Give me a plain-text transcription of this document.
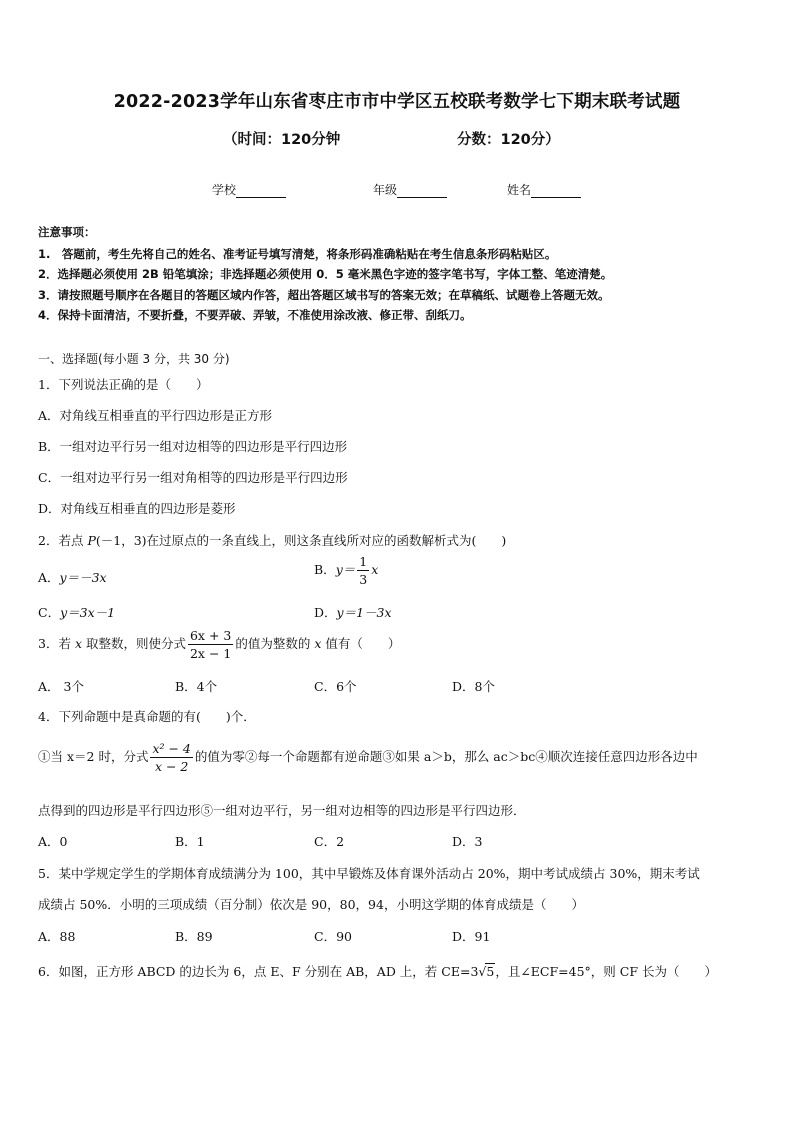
2022-2023学年山东省枣庄市市中学区五校联考数学七下期末联考试题
（时间：120分钟	分数：120分）
学校	年级	姓名
注意事项：
1.　答题前，考生先将自己的姓名、准考证号填写清楚，将条形码准确粘贴在考生信息条形码粘贴区。
2．选择题必须使用 2B 铅笔填涂；非选择题必须使用 0．5 毫米黑色字迹的签字笔书写，字体工整、笔迹清楚。
3．请按照题号顺序在各题目的答题区域内作答，超出答题区域书写的答案无效；在草稿纸、试题卷上答题无效。
4．保持卡面清洁，不要折叠，不要弄破、弄皱，不准使用涂改液、修正带、刮纸刀。
一、选择题(每小题 3 分，共 30 分)
1．下列说法正确的是（　　）
A．对角线互相垂直的平行四边形是正方形
B．一组对边平行另一组对边相等的四边形是平行四边形
C．一组对边平行另一组对角相等的四边形是平行四边形
D．对角线互相垂直的四边形是菱形
2．若点 P(－1，3)在过原点的一条直线上，则这条直线所对应的函数解析式为(　　)
A．y＝－3x
B．$y= \frac{1}{3}$ x
C．y＝3x－1	D．y＝1－3x
3．若 x 取整数，则使分式 $\frac{6x + 3}{2x - 1}$ 的值为整数的 x 值有（　　）
A． 3个	B．4个	C．6个	D．8个
4．下列命题中是真命题的有(　　)个．
①当 x＝2 时，分式 $\frac{\text{x² − 4}}{x - 2}$ 的值为零②每一个命题都有逆命题③如果 a＞b，那么 ac＞bc④顺次连接任意四边形各边中
点得到的四边形是平行四边形⑤一组对边平行，另一组对边相等的四边形是平行四边形．
A．0	B．1	C．2	D．3
5．某中学规定学生的学期体育成绩满分为 100，其中早锻炼及体育课外活动占 20%，期中考试成绩占 30%，期末考试
成绩占 50%．小明的三项成绩（百分制）依次是 90，80，94，小明这学期的体育成绩是（　　）
A．88	B．89	C．90	D．91
6．如图，正方形 ABCD 的边长为 6，点 E、F 分别在 AB，AD 上，若 CE=3√5，且∠ECF=45°，则 CF 长为（　　）
